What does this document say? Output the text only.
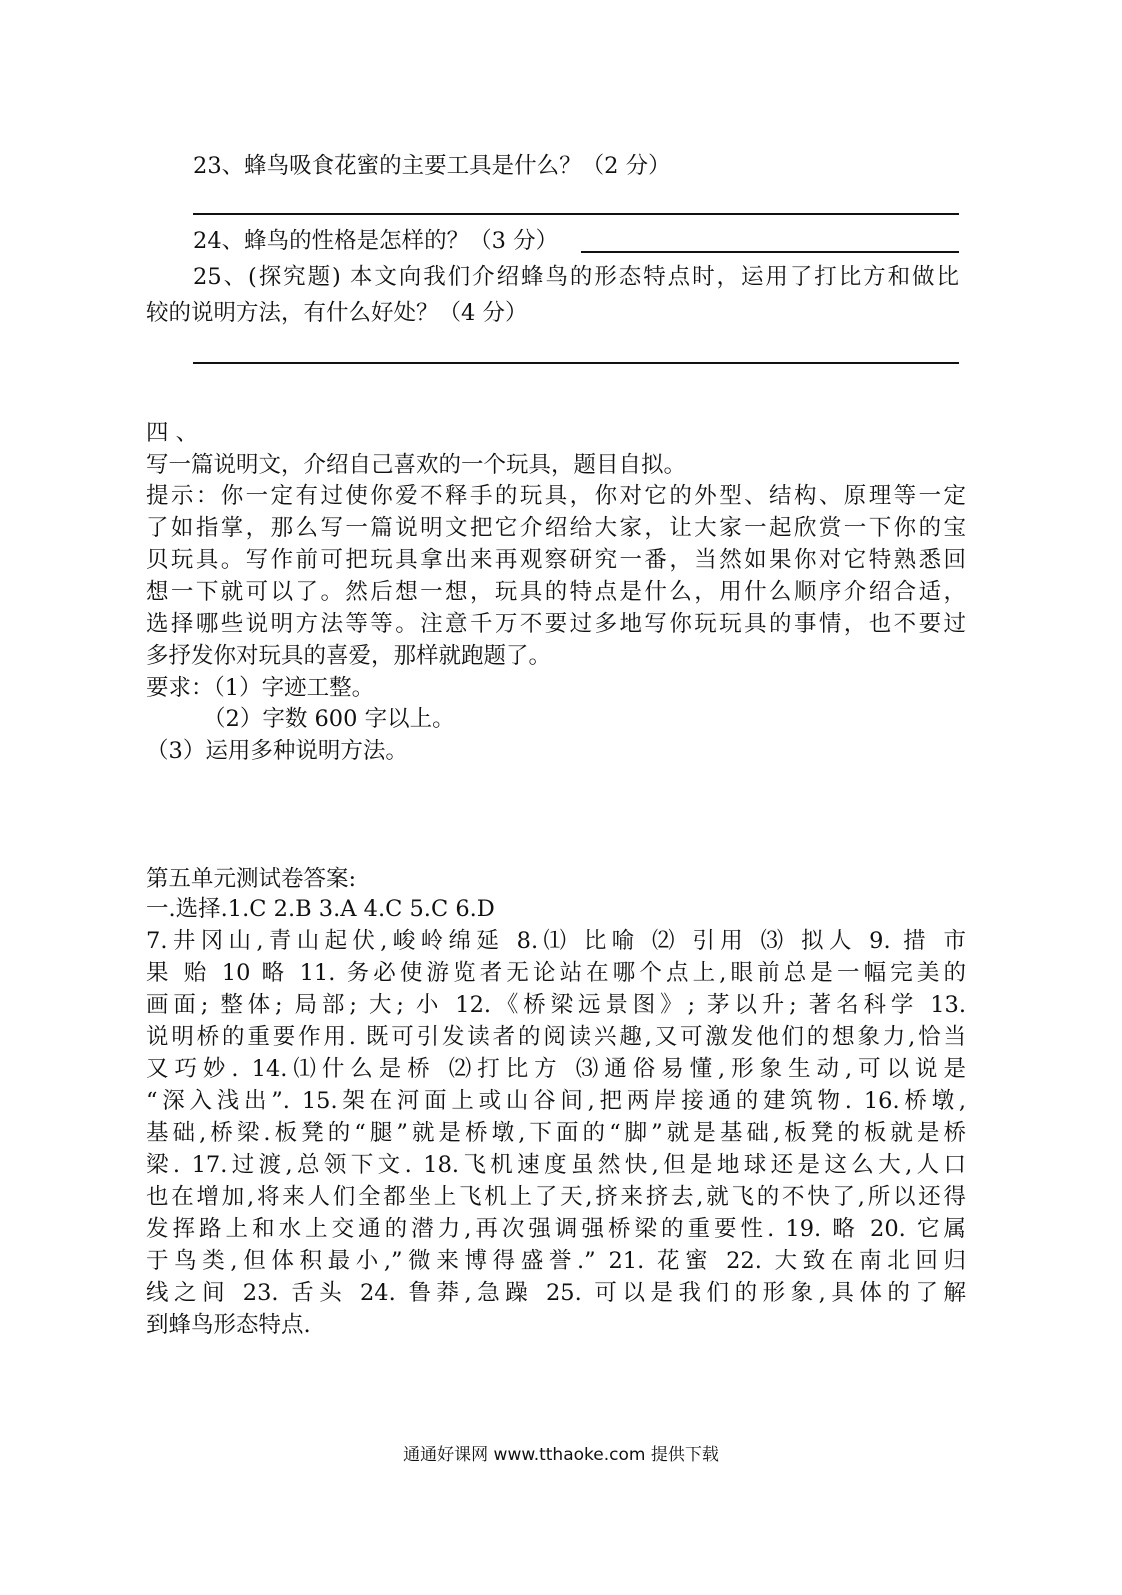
23、蜂鸟吸食花蜜的主要工具是什么？（2 分）
24、蜂鸟的性格是怎样的？（3 分）
25、(探究题) 本文向我们介绍蜂鸟的形态特点时，运用了打比方和做比
较的说明方法，有什么好处？（4 分）
四 、
写一篇说明文，介绍自己喜欢的一个玩具，题目自拟。
提示：你一定有过使你爱不释手的玩具，你对它的外型、结构、原理等一定
了如指掌，那么写一篇说明文把它介绍给大家，让大家一起欣赏一下你的宝
贝玩具。写作前可把玩具拿出来再观察研究一番，当然如果你对它特熟悉回
想一下就可以了。然后想一想，玩具的特点是什么，用什么顺序介绍合适，
选择哪些说明方法等等。注意千万不要过多地写你玩玩具的事情，也不要过
多抒发你对玩具的喜爱，那样就跑题了。
要求：（1）字迹工整。
（2）字数 600 字以上。
（3）运用多种说明方法。
第五单元测试卷答案:
一.选择.1.C 2.B 3.A 4.C 5.C 6.D
7.井冈山,青山起伏,峻岭绵延 8.⑴ 比喻 ⑵ 引用 ⑶ 拟人 9. 措 市
果 贻 10 略 11. 务必使游览者无论站在哪个点上,眼前总是一幅完美的
画面; 整体; 局部; 大; 小 12.《桥梁远景图》; 茅以升; 著名科学 13.
说明桥的重要作用. 既可引发读者的阅读兴趣,又可激发他们的想象力,恰当
又巧妙. 14.⑴什么是桥 ⑵打比方 ⑶通俗易懂,形象生动,可以说是
“深入浅出”. 15.架在河面上或山谷间,把两岸接通的建筑物. 16.桥墩,
基础,桥梁.板凳的“腿”就是桥墩,下面的“脚”就是基础,板凳的板就是桥
梁. 17.过渡,总领下文. 18.飞机速度虽然快,但是地球还是这么大,人口
也在增加,将来人们全都坐上飞机上了天,挤来挤去,就飞的不快了,所以还得
发挥路上和水上交通的潜力,再次强调强桥梁的重要性. 19. 略 20. 它属
于鸟类,但体积最小,”微来博得盛誉.” 21. 花蜜 22. 大致在南北回归
线之间 23. 舌头 24. 鲁莽,急躁 25. 可以是我们的形象,具体的了解
到蜂鸟形态特点.
通通好课网 www.tthaoke.com 提供下载
